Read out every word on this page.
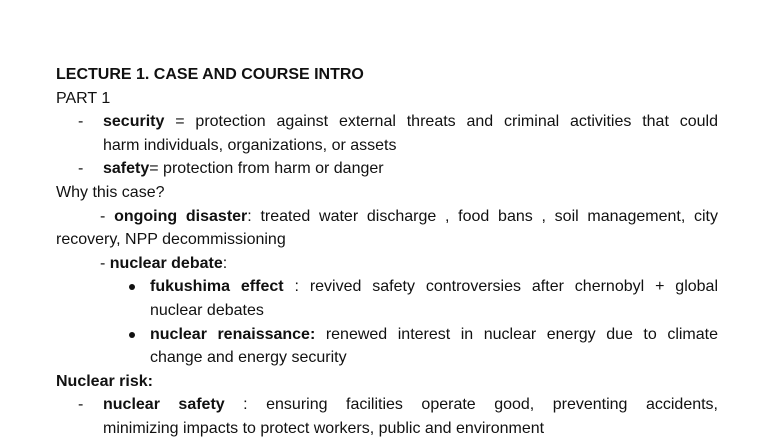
LECTURE 1. CASE AND COURSE INTRO
PART 1
- security = protection against external threats and criminal activities that could
harm individuals, organizations, or assets
- safety= protection from harm or danger
Why this case?
- ongoing disaster: treated water discharge , food bans , soil management, city
recovery, NPP decommissioning
- nuclear debate:
fukushima effect : revived safety controversies after chernobyl + global
nuclear debates
nuclear renaissance: renewed interest in nuclear energy due to climate
change and energy security
Nuclear risk:
- nuclear safety : ensuring facilities operate good, preventing accidents,
minimizing impacts to protect workers, public and environment
